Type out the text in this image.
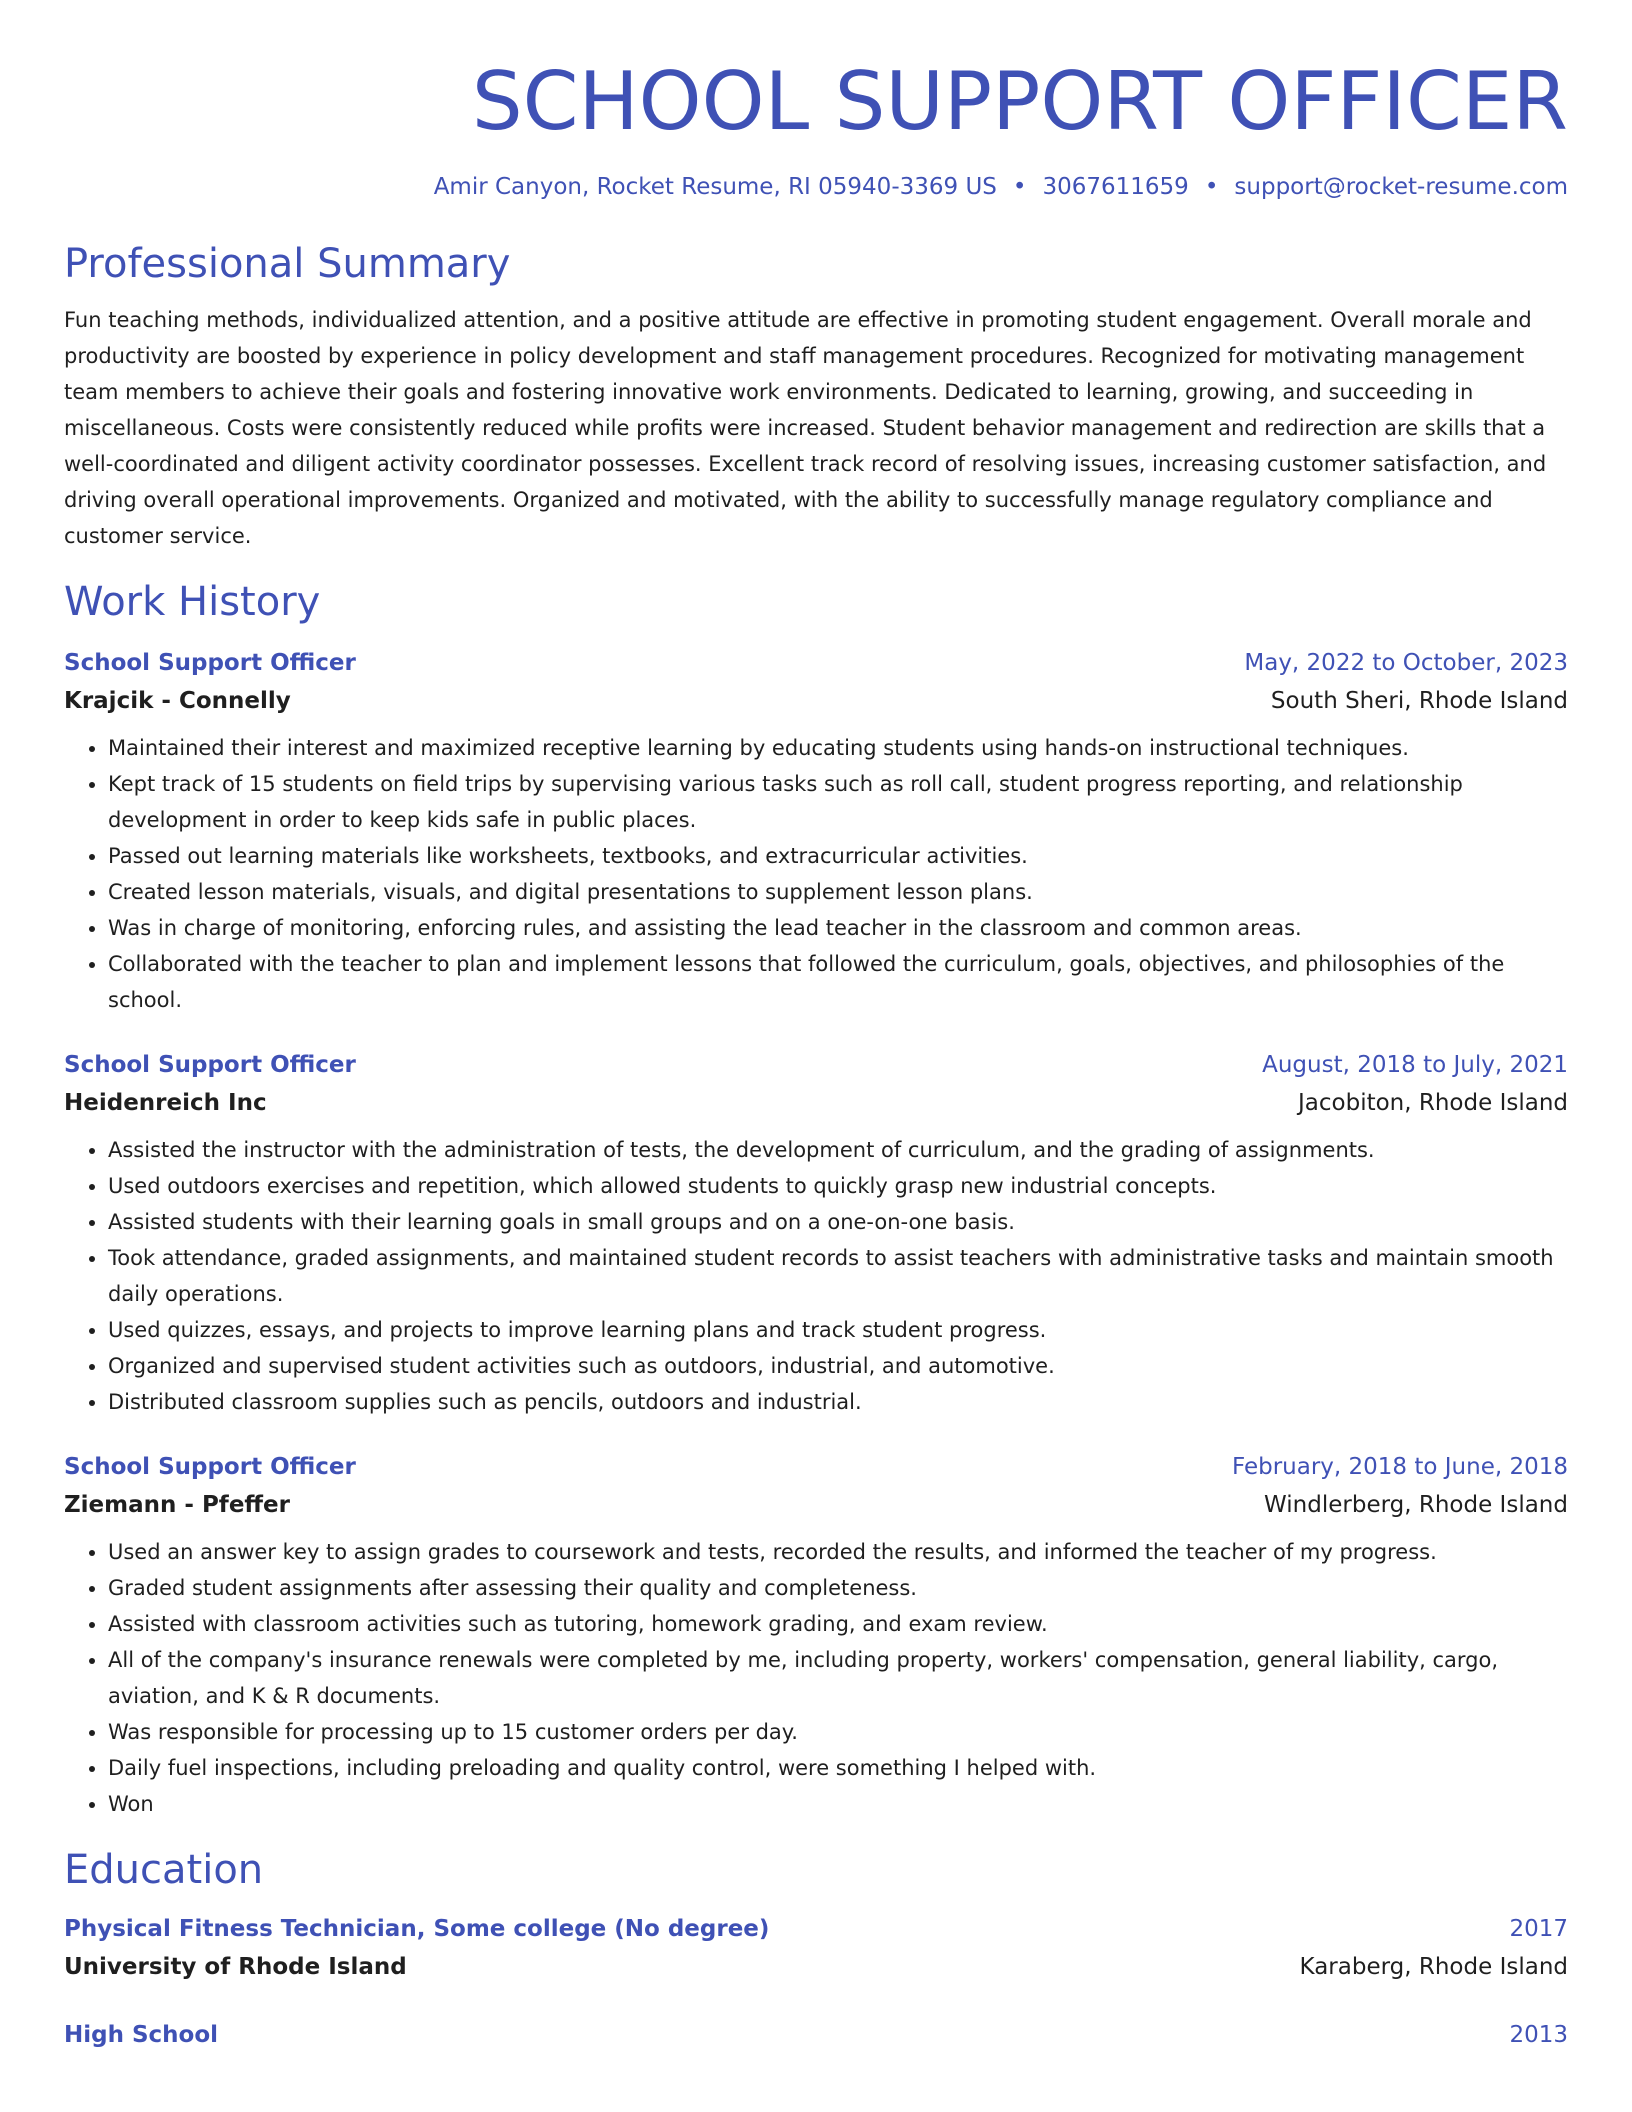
SCHOOL SUPPORT OFFICER
Amir Canyon, Rocket Resume, RI 05940-3369 US • 3067611659 • support@rocket-resume.com
Professional Summary

Fun teaching methods, individualized attention, and a positive attitude are effective in promoting student engagement. Overall morale and productivity are boosted by experience in policy development and staff management procedures. Recognized for motivating management team members to achieve their goals and fostering innovative work environments. Dedicated to learning, growing, and succeeding in miscellaneous. Costs were consistently reduced while profits were increased. Student behavior management and redirection are skills that a well-coordinated and diligent activity coordinator possesses. Excellent track record of resolving issues, increasing customer satisfaction, and driving overall operational improvements. Organized and motivated, with the ability to successfully manage regulatory compliance and customer service.

Work History
School Support Officer	May, 2022 to October, 2023
Krajcik - Connelly	South Sheri, Rhode Island
• Maintained their interest and maximized receptive learning by educating students using hands-on instructional techniques.
• Kept track of 15 students on field trips by supervising various tasks such as roll call, student progress reporting, and relationship development in order to keep kids safe in public places.
• Passed out learning materials like worksheets, textbooks, and extracurricular activities.
• Created lesson materials, visuals, and digital presentations to supplement lesson plans.
• Was in charge of monitoring, enforcing rules, and assisting the lead teacher in the classroom and common areas.
• Collaborated with the teacher to plan and implement lessons that followed the curriculum, goals, objectives, and philosophies of the school.
School Support Officer	August, 2018 to July, 2021
Heidenreich Inc	Jacobiton, Rhode Island
• Assisted the instructor with the administration of tests, the development of curriculum, and the grading of assignments.
• Used outdoors exercises and repetition, which allowed students to quickly grasp new industrial concepts.
• Assisted students with their learning goals in small groups and on a one-on-one basis.
• Took attendance, graded assignments, and maintained student records to assist teachers with administrative tasks and maintain smooth daily operations.
• Used quizzes, essays, and projects to improve learning plans and track student progress.
• Organized and supervised student activities such as outdoors, industrial, and automotive.
• Distributed classroom supplies such as pencils, outdoors and industrial.
School Support Officer	February, 2018 to June, 2018
Ziemann - Pfeffer	Windlerberg, Rhode Island
• Used an answer key to assign grades to coursework and tests, recorded the results, and informed the teacher of my progress.
• Graded student assignments after assessing their quality and completeness.
• Assisted with classroom activities such as tutoring, homework grading, and exam review.
• All of the company's insurance renewals were completed by me, including property, workers' compensation, general liability, cargo, aviation, and K & R documents.
• Was responsible for processing up to 15 customer orders per day.
• Daily fuel inspections, including preloading and quality control, were something I helped with.
• Won
Education
Physical Fitness Technician, Some college (No degree)	2017
University of Rhode Island	Karaberg, Rhode Island
High School	2013
